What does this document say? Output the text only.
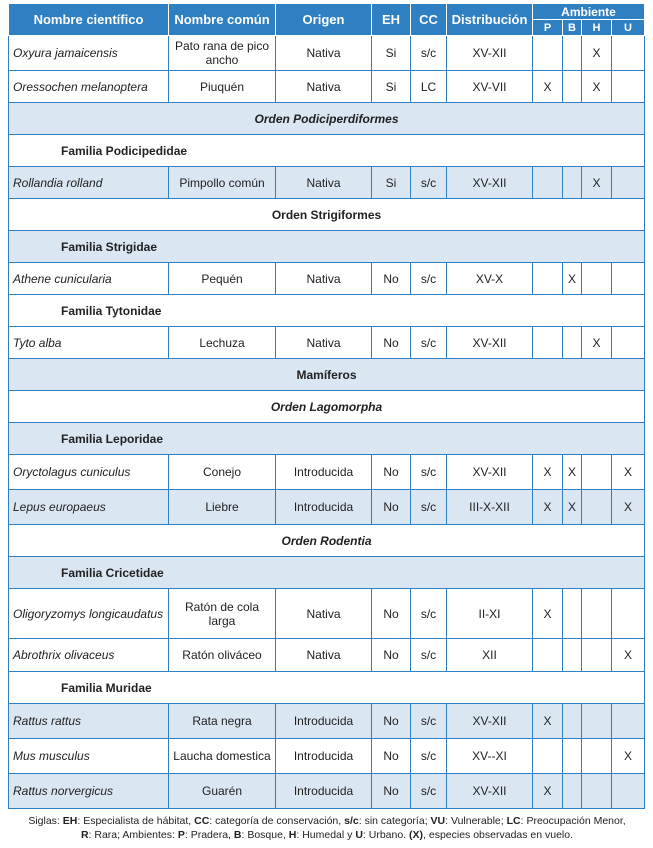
Nombre científico	Nombre común	Origen	EH	CC	Distribución	Ambiente			
						P	B	H	U
Oxyura jamaicensis	Pato rana de pico ancho	Nativa	Si	s/c	XV-XII			X	
Oressochen melanoptera	Piuquén	Nativa	Si	LC	XV-VII	X		X	
Orden Podiciperdiformes									
Familia Podicipedidae									
Rollandia rolland	Pimpollo común	Nativa	Si	s/c	XV-XII			X	
Orden Strigiformes									
Familia Strigidae									
Athene cunicularia	Pequén	Nativa	No	s/c	XV-X		X		
Familia Tytonidae									
Tyto alba	Lechuza	Nativa	No	s/c	XV-XII			X	
Mamíferos									
Orden Lagomorpha									
Familia Leporidae									
Oryctolagus cuniculus	Conejo	Introducida	No	s/c	XV-XII	X	X		X
Lepus europaeus	Liebre	Introducida	No	s/c	III-X-XII	X	X		X
Orden Rodentia									
Familia Cricetidae									
Oligoryzomys longicaudatus	Ratón de cola larga	Nativa	No	s/c	II-XI	X			
Abrothrix olivaceus	Ratón oliváceo	Nativa	No	s/c	XII				X
Familia Muridae									
Rattus rattus	Rata negra	Introducida	No	s/c	XV-XII	X			
Mus musculus	Laucha domestica	Introducida	No	s/c	XV--XI				X
Rattus norvergicus	Guarén	Introducida	No	s/c	XV-XII	X			
Siglas: EH: Especialista de hábitat, CC: categoría de conservación, s/c: sin categoría; VU: Vulnerable; LC: Preocupación Menor,
R: Rara; Ambientes: P: Pradera, B: Bosque, H: Humedal y U: Urbano. (X), especies observadas en vuelo.
